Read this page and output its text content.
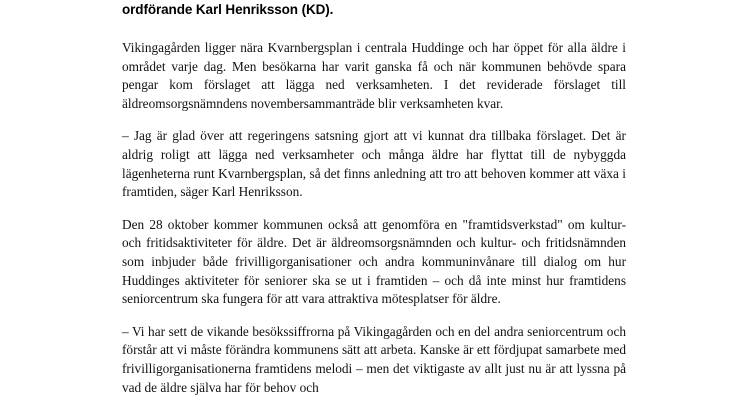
ordförande Karl Henriksson (KD).

Vikingagården ligger nära Kvarnbergsplan i centrala Huddinge och har öppet för alla äldre i området varje dag. Men besökarna har varit ganska få och när kommunen behövde spara pengar kom förslaget att lägga ned verksamheten. I det reviderade förslaget till äldreomsorgsnämndens novembersammanträde blir verksamheten kvar.

– Jag är glad över att regeringens satsning gjort att vi kunnat dra tillbaka förslaget. Det är aldrig roligt att lägga ned verksamheter och många äldre har flyttat till de nybyggda lägenheterna runt Kvarnbergsplan, så det finns anledning att tro att behoven kommer att växa i framtiden, säger Karl Henriksson.

Den 28 oktober kommer kommunen också att genomföra en "framtidsverkstad" om kultur- och fritidsaktiviteter för äldre. Det är äldreomsorgsnämnden och kultur- och fritidsnämnden som inbjuder både frivilligorganisationer och andra kommuninvånare till dialog om hur Huddinges aktiviteter för seniorer ska se ut i framtiden – och då inte minst hur framtidens seniorcentrum ska fungera för att vara attraktiva mötesplatser för äldre.

– Vi har sett de vikande besökssiffrorna på Vikingagården och en del andra seniorcentrum och förstår att vi måste förändra kommunens sätt att arbeta. Kanske är ett fördjupat samarbete med frivilligorganisationerna framtidens melodi – men det viktigaste av allt just nu är att lyssna på vad de äldre själva har för behov och
